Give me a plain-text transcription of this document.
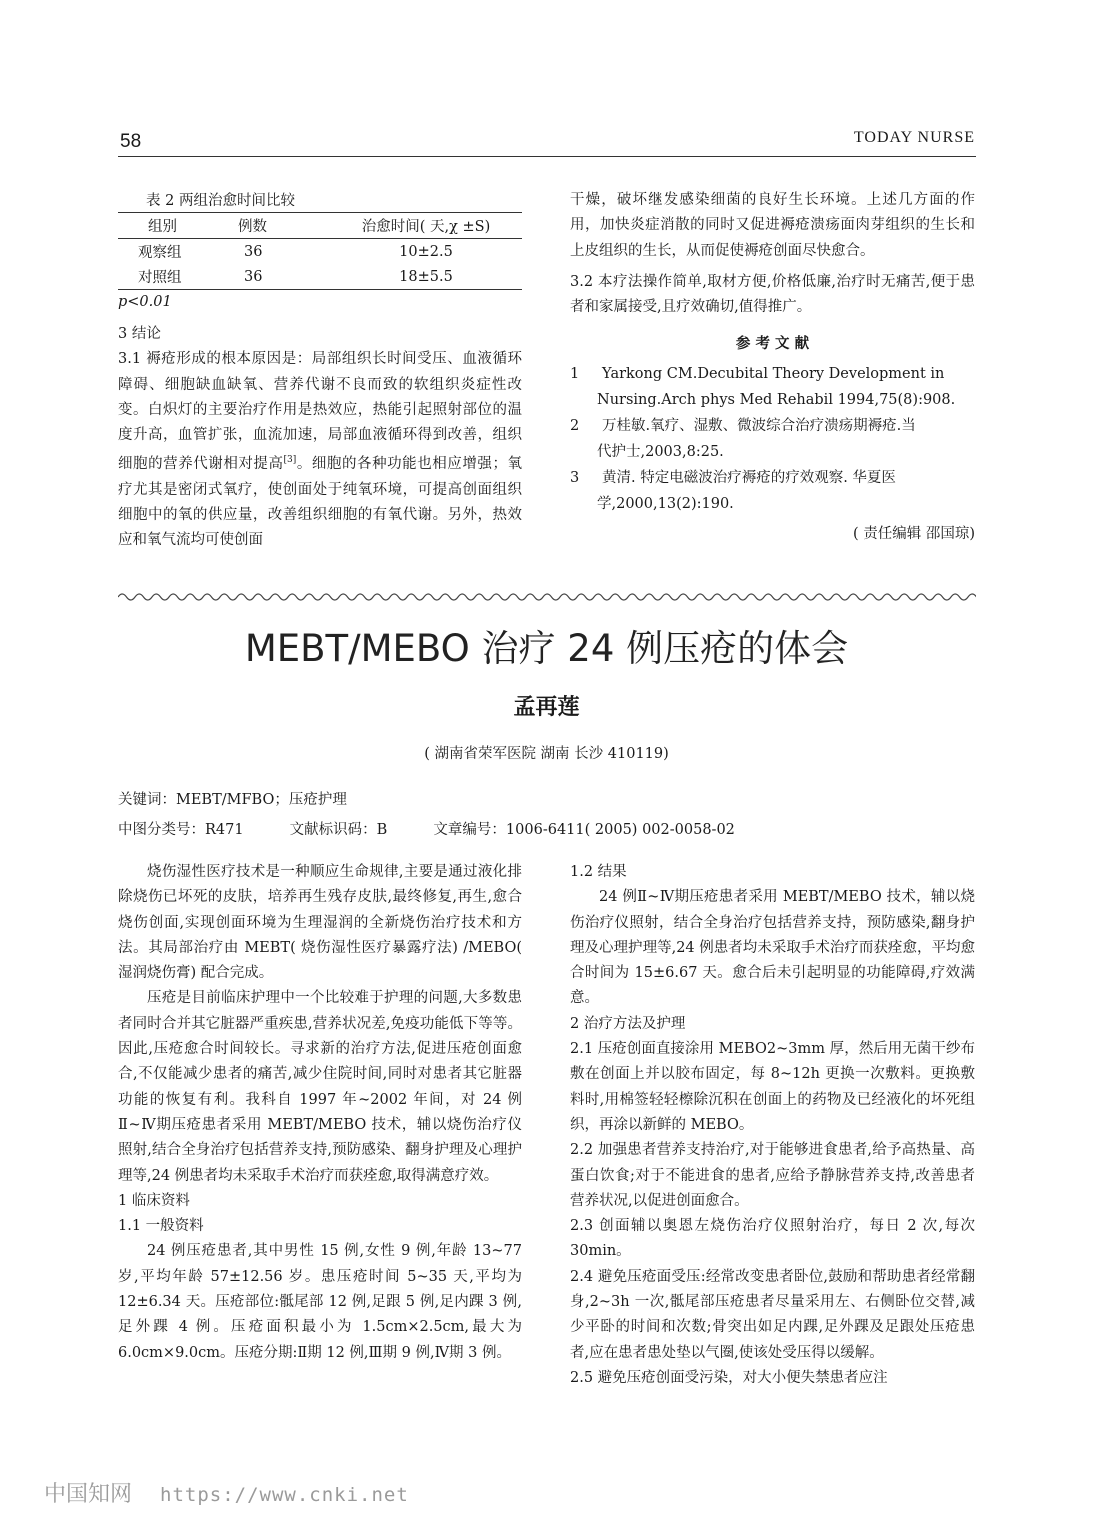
58	TODAY NURSE
表 2 两组治愈时间比较
组别	例数	治愈时间( 天,χ ±S)
观察组	36	10±2.5
对照组	36	18±5.5
p<0.01

3 结论

3.1 褥疮形成的根本原因是：局部组织长时间受压、血液循环障碍、细胞缺血缺氧、营养代谢不良而致的软组织炎症性改变。白炽灯的主要治疗作用是热效应，热能引起照射部位的温度升高，血管扩张，血流加速，局部血液循环得到改善，组织细胞的营养代谢相对提高[3]。细胞的各种功能也相应增强；氧疗尤其是密闭式氧疗，使创面处于纯氧环境，可提高创面组织细胞中的氧的供应量，改善组织细胞的有氧代谢。另外，热效应和氧气流均可使创面

干燥，破坏继发感染细菌的良好生长环境。上述几方面的作用，加快炎症消散的同时又促进褥疮溃疡面肉芽组织的生长和上皮组织的生长，从而促使褥疮创面尽快愈合。

3.2 本疗法操作简单,取材方便,价格低廉,治疗时无痛苦,便于患者和家属接受,且疗效确切,值得推广。

参 考 文 献

1 Yarkong CM.Decubital Theory Development in

Nursing.Arch phys Med Rehabil 1994,75(8):908.

2 万桂敏.氧疗、湿敷、微波综合治疗溃疡期褥疮.当

代护士,2003,8:25.

3 黄清. 特定电磁波治疗褥疮的疗效观察. 华夏医

学,2000,13(2):190.

( 责任编辑 邵国琼)

MEBT/MEBO 治疗 24 例压疮的体会
孟再莲
( 湖南省荣军医院 湖南 长沙 410119)
关键词：MEBT/MFBO；压疮护理
中图分类号：R471          文献标识码：B          文章编号：1006-6411( 2005) 002-0058-02

烧伤湿性医疗技术是一种顺应生命规律,主要是通过液化排除烧伤已坏死的皮肤，培养再生残存皮肤,最终修复,再生,愈合烧伤创面,实现创面环境为生理湿润的全新烧伤治疗技术和方法。其局部治疗由 MEBT( 烧伤湿性医疗暴露疗法) /MEBO( 湿润烧伤膏) 配合完成。

压疮是目前临床护理中一个比较难于护理的问题,大多数患者同时合并其它脏器严重疾患,营养状况差,免疫功能低下等等。因此,压疮愈合时间较长。寻求新的治疗方法,促进压疮创面愈合,不仅能减少患者的痛苦,减少住院时间,同时对患者其它脏器功能的恢复有利。我科自 1997 年~2002 年间，对 24 例Ⅱ~Ⅳ期压疮患者采用 MEBT/MEBO 技术，辅以烧伤治疗仪照射,结合全身治疗包括营养支持,预防感染、翻身护理及心理护理等,24 例患者均未采取手术治疗而获痊愈,取得满意疗效。

1 临床资料

1.1 一般资料

24 例压疮患者,其中男性 15 例,女性 9 例,年龄 13~77 岁,平均年龄 57±12.56 岁。患压疮时间 5~35 天,平均为 12±6.34 天。压疮部位:骶尾部 12 例,足跟 5 例,足内踝 3 例,足外踝 4 例。压疮面积最小为 1.5cm×2.5cm,最大为 6.0cm×9.0cm。压疮分期:Ⅱ期 12 例,Ⅲ期 9 例,Ⅳ期 3 例。

1.2 结果

24 例Ⅱ~Ⅳ期压疮患者采用 MEBT/MEBO 技术，辅以烧伤治疗仪照射，结合全身治疗包括营养支持，预防感染,翻身护理及心理护理等,24 例患者均未采取手术治疗而获痊愈，平均愈合时间为 15±6.67 天。愈合后未引起明显的功能障碍,疗效满意。

2 治疗方法及护理

2.1 压疮创面直接涂用 MEBO2~3mm 厚，然后用无菌干纱布敷在创面上并以胶布固定，每 8~12h 更换一次敷料。更换敷料时,用棉签轻轻檫除沉积在创面上的药物及已经液化的坏死组织，再涂以新鲜的 MEBO。

2.2 加强患者营养支持治疗,对于能够进食患者,给予高热量、高蛋白饮食;对于不能进食的患者,应给予静脉营养支持,改善患者营养状况,以促进创面愈合。

2.3 创面辅以奥恩左烧伤治疗仪照射治疗，每日 2 次,每次 30min。

2.4 避免压疮面受压:经常改变患者卧位,鼓励和帮助患者经常翻身,2~3h 一次,骶尾部压疮患者尽量采用左、右侧卧位交替,减少平卧的时间和次数;骨突出如足内踝,足外踝及足跟处压疮患者,应在患者患处垫以气圈,使该处受压得以缓解。

2.5 避免压疮创面受污染，对大小便失禁患者应注

中国知网 https://www.cnki.net
